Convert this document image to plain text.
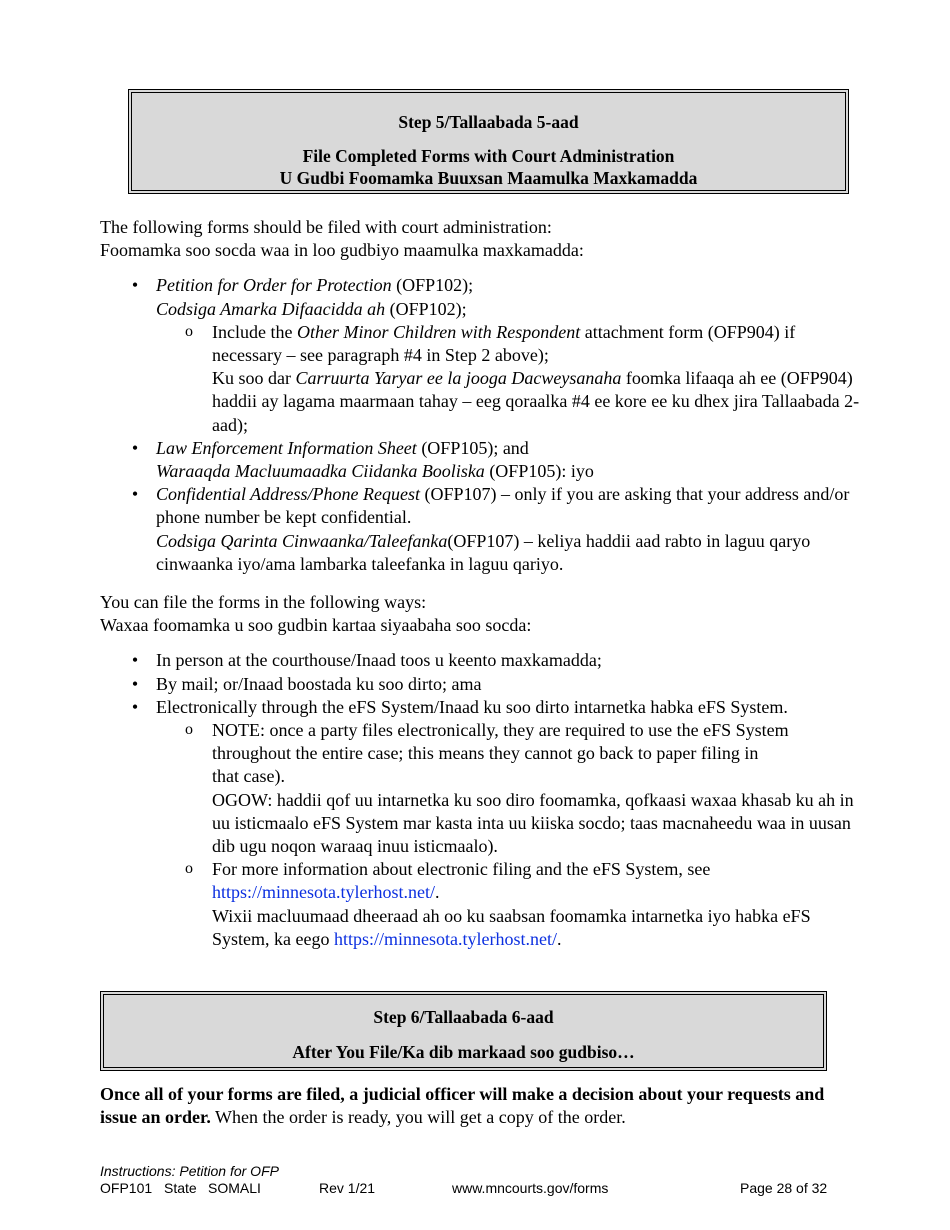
Step 5/Tallaabada 5-aad
File Completed Forms with Court Administration
U Gudbi Foomamka Buuxsan Maamulka Maxkamadda

The following forms should be filed with court administration:

Foomamka soo socda waa in loo gudbiyo maamulka maxkamadda:

• Petition for Order for Protection (OFP102);
Codsiga Amarka Difaacidda ah (OFP102);
o Include the Other Minor Children with Respondent attachment form (OFP904) if necessary – see paragraph #4 in Step 2 above);
Ku soo dar Carruurta Yaryar ee la jooga Dacweysanaha foomka lifaaqa ah ee (OFP904) haddii ay lagama maarmaan tahay – eeg qoraalka #4 ee kore ee ku dhex jira Tallaabada 2-aad);
• Law Enforcement Information Sheet (OFP105); and
Waraaqda Macluumaadka Ciidanka Booliska (OFP105): iyo
• Confidential Address/Phone Request (OFP107) – only if you are asking that your address and/or phone number be kept confidential.
Codsiga Qarinta Cinwaanka/Taleefanka(OFP107) – keliya haddii aad rabto in laguu qaryo cinwaanka iyo/ama lambarka taleefanka in laguu qariyo.

You can file the forms in the following ways:

Waxaa foomamka u soo gudbin kartaa siyaabaha soo socda:

• In person at the courthouse/Inaad toos u keento maxkamadda;
• By mail; or/Inaad boostada ku soo dirto; ama
• Electronically through the eFS System/Inaad ku soo dirto intarnetka habka eFS System.
o NOTE: once a party files electronically, they are required to use the eFS System
throughout the entire case; this means they cannot go back to paper filing in
that case).
OGOW: haddii qof uu intarnetka ku soo diro foomamka, qofkaasi waxaa khasab ku ah in uu isticmaalo eFS System mar kasta inta uu kiiska socdo; taas macnaheedu waa in uusan dib ugu noqon waraaq inuu isticmaalo).
o For more information about electronic filing and the eFS System, see
https://minnesota.tylerhost.net/.
Wixii macluumaad dheeraad ah oo ku saabsan foomamka intarnetka iyo habka eFS System, ka eego https://minnesota.tylerhost.net/.
Step 6/Tallaabada 6-aad
After You File/Ka dib markaad soo gudbiso…

Once all of your forms are filed, a judicial officer will make a decision about your requests and issue an order. When the order is ready, you will get a copy of the order.

Instructions: Petition for OFP
OFP101 State SOMALI	Rev 1/21	www.mncourts.gov/forms	Page 28 of 32
